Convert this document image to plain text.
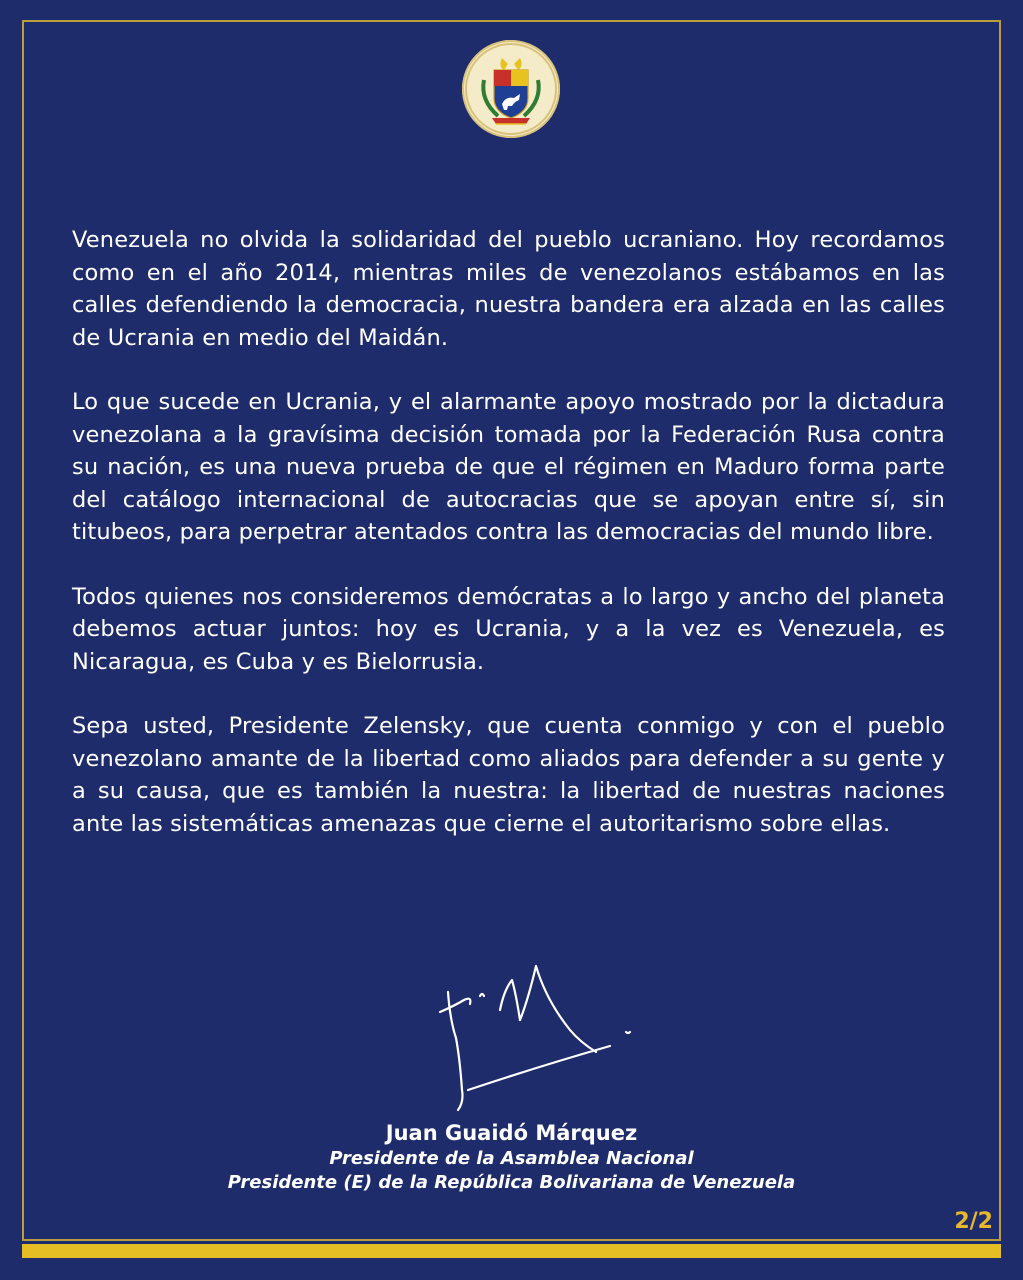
Venezuela no olvida la solidaridad del pueblo ucraniano. Hoy recordamos como en el año 2014, mientras miles de venezolanos estábamos en las calles defendiendo la democracia, nuestra bandera era alzada en las calles de Ucrania en medio del Maidán.

Lo que sucede en Ucrania, y el alarmante apoyo mostrado por la dictadura venezolana a la gravísima decisión tomada por la Federación Rusa contra su nación, es una nueva prueba de que el régimen en Maduro forma parte del catálogo internacional de autocracias que se apoyan entre sí, sin titubeos, para perpetrar atentados contra las democracias del mundo libre.

Todos quienes nos consideremos demócratas a lo largo y ancho del planeta debemos actuar juntos: hoy es Ucrania, y a la vez es Venezuela, es Nicaragua, es Cuba y es Bielorrusia.

Sepa usted, Presidente Zelensky, que cuenta conmigo y con el pueblo venezolano amante de la libertad como aliados para defender a su gente y a su causa, que es también la nuestra: la libertad de nuestras naciones ante las sistemáticas amenazas que cierne el autoritarismo sobre ellas.

Juan Guaidó Márquez
Presidente de la Asamblea Nacional
Presidente (E) de la República Bolivariana de Venezuela
2/2
